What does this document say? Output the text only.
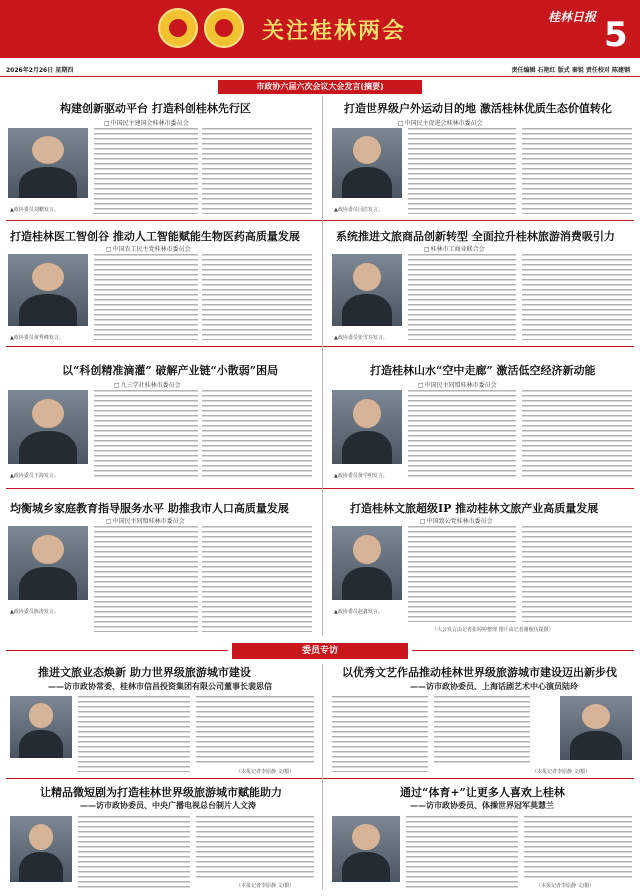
关注桂林两会
桂林日报 5
2026年2月26日 星期四	责任编辑 石艳红 版式 秦锐 责任校对 陈建钢
市政协六届六次会议大会发言(摘要)
构建创新驱动平台 打造科创桂林先行区
□ 中国民主建国会桂林市委员会
▲政协委员刘鹏发言。
打造世界级户外运动目的地 激活桂林优质生态价值转化
□ 中国民主促进会桂林市委员会
▲政协委员闫洁发言。
打造桂林医工智创谷 推动人工智能赋能生物医药高质量发展
□ 中国农工民主党桂林市委员会
▲政协委员黄秀峰发言。
系统推进文旅商品创新转型 全面拉升桂林旅游消费吸引力
□ 桂林市工商业联合会
▲政协委员张雪芬发言。
以“科创精准滴灌” 破解产业链“小散弱”困局
□ 九三学社桂林市委员会
▲政协委员王海发言。
打造桂林山水“空中走廊” 激活低空经济新动能
□ 中国民主同盟桂林市委员会
▲政协委员黄学明发言。
均衡城乡家庭教育指导服务水平 助推我市人口高质量发展
□ 中国民主同盟桂林市委员会
▲政协委员陈涛发言。
打造桂林文旅超级IP 推动桂林文旅产业高质量发展
□ 中国致公党桂林市委员会
▲政协委员赵鑫发言。
（大会发言由记者张婷婷整理 图片由记者谢俊伍提摄）
委员专访
推进文旅业态焕新 助力世界级旅游城市建设
——访市政协常委、桂林市信昌投资集团有限公司董事长裴思信
（本报记者李原静 文/摄）
以优秀文艺作品推动桂林世界级旅游城市建设迈出新步伐
——访市政协委员、上海话剧艺术中心演员陆玲
（本报记者李原静 文/摄）
让精品微短剧为打造桂林世界级旅游城市赋能助力
——访市政协委员、中央广播电视总台制片人文涛
（本报记者李原静 文/摄）
通过“体育+”让更多人喜欢上桂林
——访市政协委员、体操世界冠军莫慧兰
（本报记者李原静 文/摄）
